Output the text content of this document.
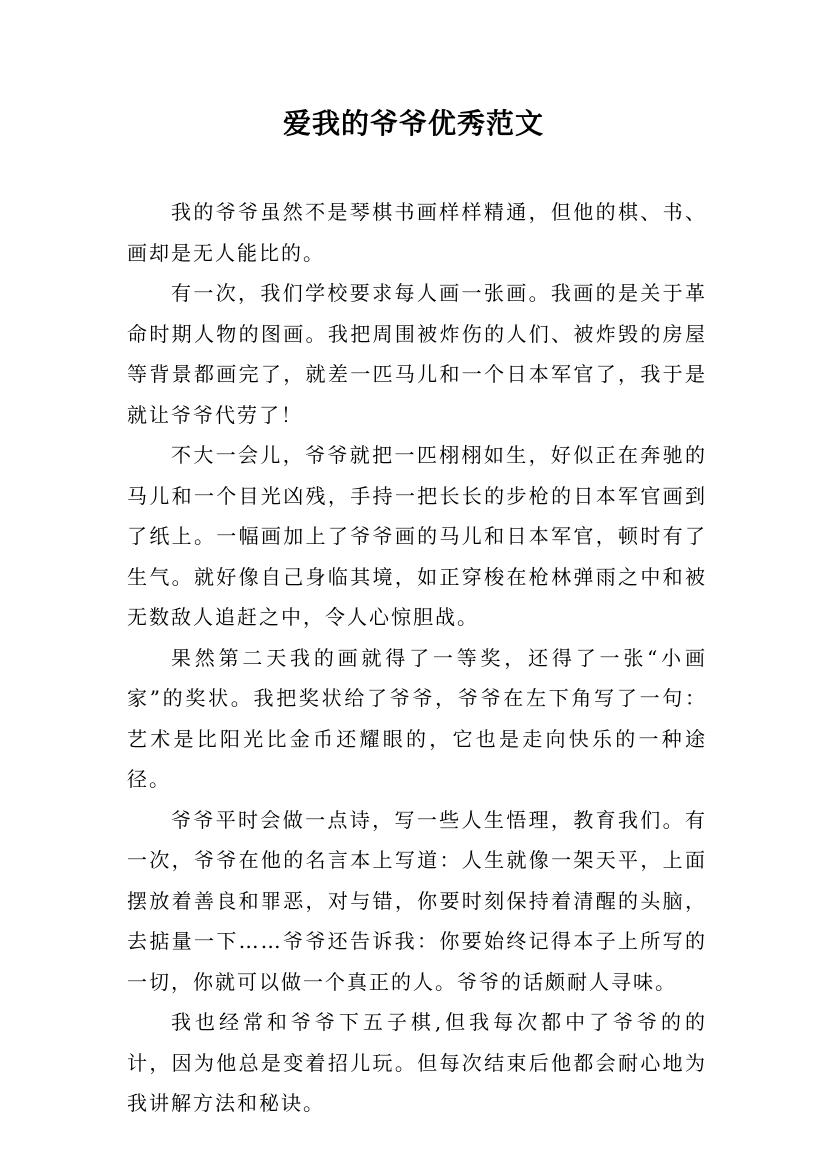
爱我的爷爷优秀范文

我的爷爷虽然不是琴棋书画样样精通，但他的棋、书、画却是无人能比的。

有一次，我们学校要求每人画一张画。我画的是关于革命时期人物的图画。我把周围被炸伤的人们、被炸毁的房屋等背景都画完了，就差一匹马儿和一个日本军官了，我于是就让爷爷代劳了！

不大一会儿，爷爷就把一匹栩栩如生，好似正在奔驰的马儿和一个目光凶残，手持一把长长的步枪的日本军官画到了纸上。一幅画加上了爷爷画的马儿和日本军官，顿时有了生气。就好像自己身临其境，如正穿梭在枪林弹雨之中和被无数敌人追赶之中，令人心惊胆战。

果然第二天我的画就得了一等奖，还得了一张“小画家”的奖状。我把奖状给了爷爷，爷爷在左下角写了一句：艺术是比阳光比金币还耀眼的，它也是走向快乐的一种途径。

爷爷平时会做一点诗，写一些人生悟理，教育我们。有一次，爷爷在他的名言本上写道：人生就像一架天平，上面摆放着善良和罪恶，对与错，你要时刻保持着清醒的头脑，去掂量一下……爷爷还告诉我：你要始终记得本子上所写的一切，你就可以做一个真正的人。爷爷的话颇耐人寻味。

我也经常和爷爷下五子棋,但我每次都中了爷爷的的计，因为他总是变着招儿玩。但每次结束后他都会耐心地为我讲解方法和秘诀。
